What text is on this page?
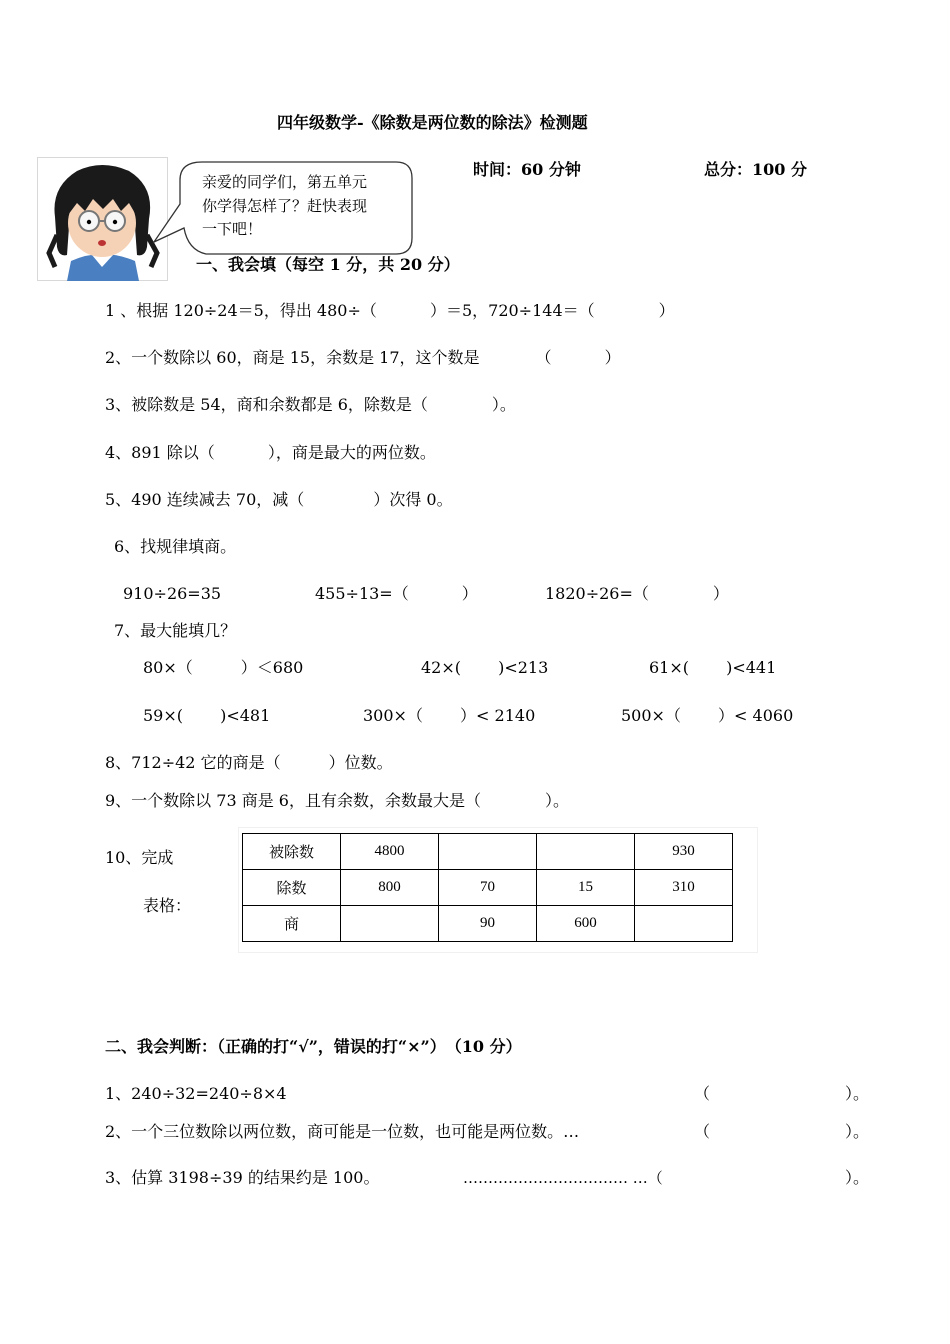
四年级数学-《除数是两位数的除法》检测题
亲爱的同学们，第五单元
你学得怎样了？赶快表现
一下吧！
时间：60 分钟	总分：100 分
一、我会填（每空 1 分，共 20 分）
1 、根据 120÷24＝5，得出 480÷（　　　 ）＝5，720÷144＝（　　　　）
2、一个数除以 60，商是 15，余数是 17，这个数是　　　　（　　　 ）
3、被除数是 54，商和余数都是 6，除数是（　　　　）。
4、891 除以（　　　 ），商是最大的两位数。
5、490 连续减去 70，减（　　　　 ）次得 0。
6、找规律填商。
910÷26=35	455÷13=（　　　 ）	1820÷26=（　　　　）
7、最大能填几？
80×（　　　）＜680	42×(　　 )<213	61×(　　 )<441
59×(　　 )<481	300×（　　 ）< 2140	500×（　　 ）< 4060
8、712÷42 它的商是（　　　）位数。
9、一个数除以 73 商是 6，且有余数，余数最大是（　　　　）。
10、完成
表格：
被除数	4800			930
除数	800	70	15	310
商		90	600	
二、我会判断：（正确的打“√”，错误的打“×”）　（10 分）
1、240÷32=240÷8×4	（	）。
2、一个三位数除以两位数，商可能是一位数，也可能是两位数。…	（	）。
3、估算 3198÷39 的结果约是 100。	…………………………… …（	）。
